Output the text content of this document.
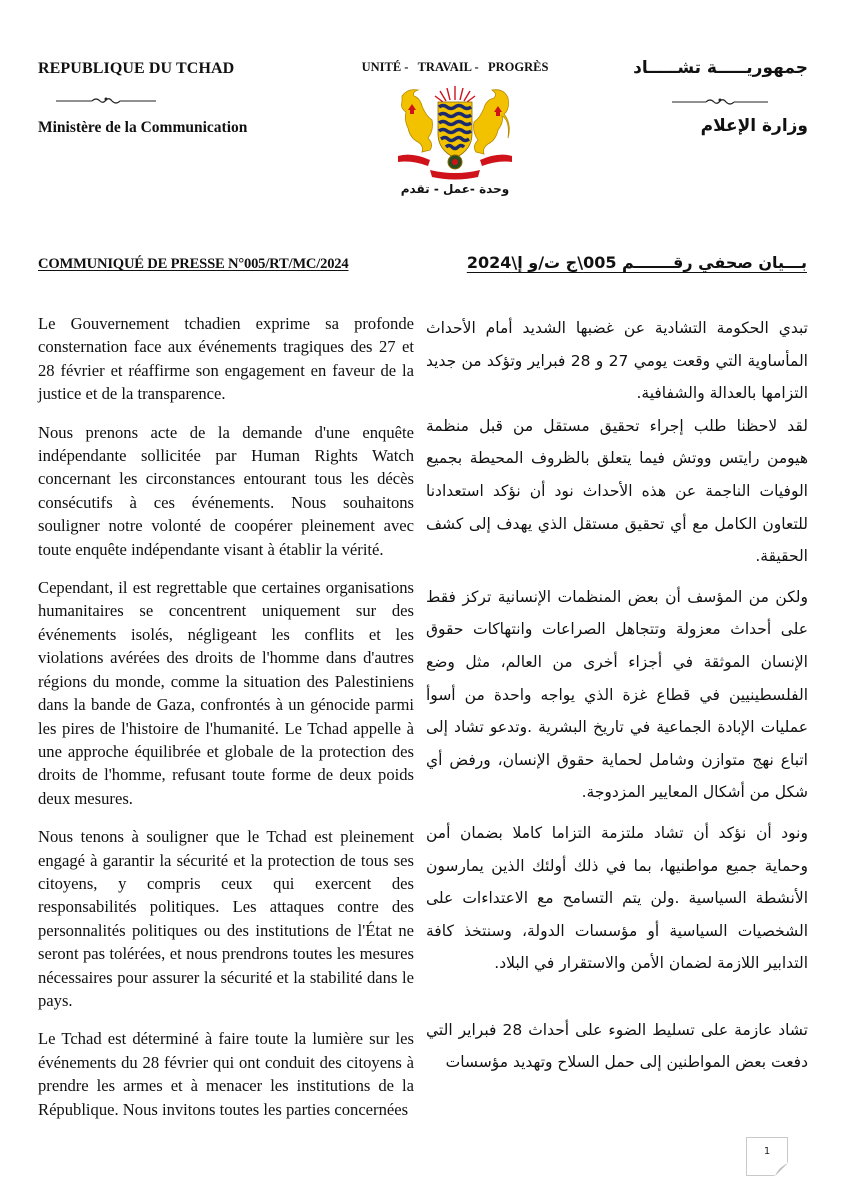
REPUBLIQUE DU TCHAD
Ministère de la Communication
UNITÉ -   TRAVAIL -   PROGRÈS
وحدة -عمل - تقدم
جمهوريـــــة تشـــــاد
وزارة الإعلام
COMMUNIQUÉ DE PRESSE N°005/RT/MC/2024	بـــيان صحفي رقـــــــم 005\ج ت/و إ\2024

Le Gouvernement tchadien exprime sa profonde consternation face aux événements tragiques des 27 et 28 février et réaffirme son engagement en faveur de la justice et de la transparence.

Nous prenons acte de la demande d'une enquête indépendante sollicitée par Human Rights Watch concernant les circonstances entourant tous les décès consécutifs à ces événements. Nous souhaitons souligner notre volonté de coopérer pleinement avec toute enquête indépendante visant à établir la vérité.

Cependant, il est regrettable que certaines organisations humanitaires se concentrent uniquement sur des événements isolés, négligeant les conflits et les violations avérées des droits de l'homme dans d'autres régions du monde, comme la situation des Palestiniens dans la bande de Gaza, confrontés à un génocide parmi les pires de l'histoire de l'humanité. Le Tchad appelle à une approche équilibrée et globale de la protection des droits de l'homme, refusant toute forme de deux poids deux mesures.

Nous tenons à souligner que le Tchad est pleinement engagé à garantir la sécurité et la protection de tous ses citoyens, y compris ceux qui exercent des responsabilités politiques. Les attaques contre des personnalités politiques ou des institutions de l'État ne seront pas tolérées, et nous prendrons toutes les mesures nécessaires pour assurer la sécurité et la stabilité dans le pays.

Le Tchad est déterminé à faire toute la lumière sur les événements du 28 février qui ont conduit des citoyens à prendre les armes et à menacer les institutions de la République. Nous invitons toutes les parties concernées

تبدي الحكومة التشادية عن غضبها الشديد أمام الأحداث المأساوية التي وقعت يومي 27 و 28 فبراير وتؤكد من جديد التزامها بالعدالة والشفافية.

لقد لاحظنا طلب إجراء تحقيق مستقل من قبل منظمة هيومن رايتس ووتش فيما يتعلق بالظروف المحيطة بجميع الوفيات الناجمة عن هذه الأحداث نود أن نؤكد استعدادنا للتعاون الكامل مع أي تحقيق مستقل الذي يهدف إلى كشف الحقيقة.

ولكن من المؤسف أن بعض المنظمات الإنسانية تركز فقط على أحداث معزولة وتتجاهل الصراعات وانتهاكات حقوق الإنسان الموثقة في أجزاء أخرى من العالم، مثل وضع الفلسطينيين في قطاع غزة الذي يواجه واحدة من أسوأ عمليات الإبادة الجماعية في تاريخ البشرية .وتدعو تشاد إلى اتباع نهج متوازن وشامل لحماية حقوق الإنسان، ورفض أي شكل من أشكال المعايير المزدوجة.

ونود أن نؤكد أن تشاد ملتزمة التزاما كاملا بضمان أمن وحماية جميع مواطنيها، بما في ذلك أولئك الذين يمارسون الأنشطة السياسية .ولن يتم التسامح مع الاعتداءات على الشخصيات السياسية أو مؤسسات الدولة، وسنتخذ كافة التدابير اللازمة لضمان الأمن والاستقرار في البلاد.

تشاد عازمة على تسليط الضوء على أحداث 28 فبراير التي دفعت بعض المواطنين إلى حمل السلاح وتهديد مؤسسات

1
